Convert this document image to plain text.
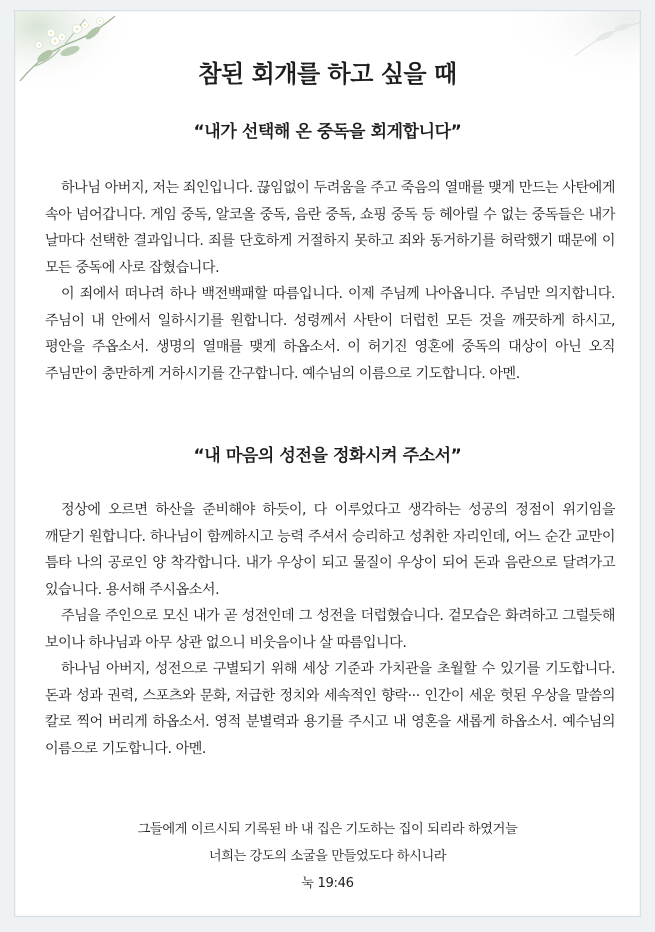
참된 회개를 하고 싶을 때
“내가 선택해 온 중독을 회게합니다”

하나님 아버지, 저는 죄인입니다. 끊임없이 두려움을 주고 죽음의 열매를 맺게 만드는 사탄에게 속아 넘어갑니다. 게임 중독, 알코올 중독, 음란 중독, 쇼핑 중독 등 헤아릴 수 없는 중독들은 내가 날마다 선택한 결과입니다. 죄를 단호하게 거절하지 못하고 죄와 동거하기를 허락했기 때문에 이 모든 중독에 사로 잡혔습니다.

이 죄에서 떠나려 하나 백전백패할 따름입니다. 이제 주님께 나아옵니다. 주님만 의지합니다. 주님이 내 안에서 일하시기를 원합니다. 성령께서 사탄이 더럽힌 모든 것을 깨끗하게 하시고, 평안을 주옵소서. 생명의 열매를 맺게 하옵소서. 이 허기진 영혼에 중독의 대상이 아닌 오직 주님만이 충만하게 거하시기를 간구합니다. 예수님의 이름으로 기도합니다. 아멘.

“내 마음의 성전을 정화시켜 주소서”

정상에 오르면 하산을 준비해야 하듯이, 다 이루었다고 생각하는 성공의 정점이 위기임을 깨닫기 원합니다. 하나님이 함께하시고 능력 주셔서 승리하고 성취한 자리인데, 어느 순간 교만이 틈타 나의 공로인 양 착각합니다. 내가 우상이 되고 물질이 우상이 되어 돈과 음란으로 달려가고 있습니다. 용서해 주시옵소서.

주님을 주인으로 모신 내가 곧 성전인데 그 성전을 더럽혔습니다. 겉모습은 화려하고 그럴듯해 보이나 하나님과 아무 상관 없으니 비웃음이나 살 따름입니다.

하나님 아버지, 성전으로 구별되기 위해 세상 기준과 가치관을 초월할 수 있기를 기도합니다. 돈과 성과 권력, 스포츠와 문화, 저급한 정치와 세속적인 향락··· 인간이 세운 헛된 우상을 말씀의 칼로 찍어 버리게 하옵소서. 영적 분별력과 용기를 주시고 내 영혼을 새롭게 하옵소서. 예수님의 이름으로 기도합니다. 아멘.

그들에게 이르시되 기록된 바 내 집은 기도하는 집이 되리라 하였거늘
너희는 강도의 소굴을 만들었도다 하시니라
눅 19:46
